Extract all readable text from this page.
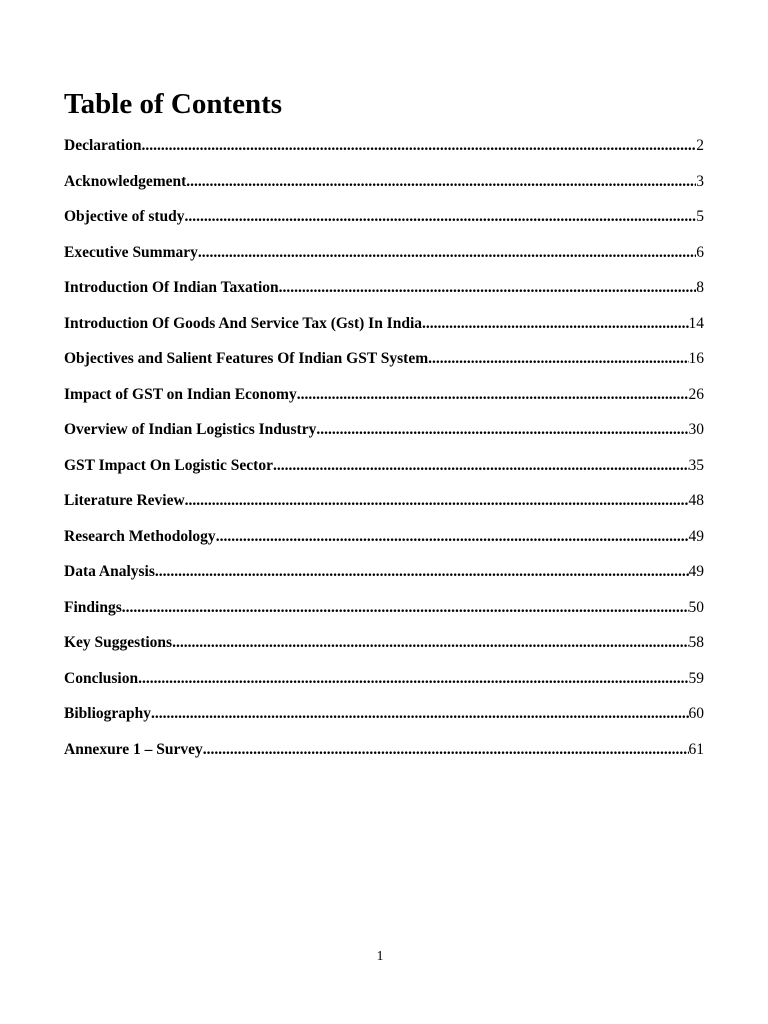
Table of Contents
Declaration .....	2
Acknowledgement .....	3
Objective of study .....	5
Executive Summary .....	6
Introduction Of Indian Taxation .....	8
Introduction Of Goods And Service Tax (Gst) In India .....	14
Objectives and Salient Features Of Indian GST System .....	16
Impact of GST on Indian Economy .....	26
Overview of Indian Logistics Industry .....	30
GST Impact On Logistic Sector .....	35
Literature Review .....	48
Research Methodology .....	49
Data Analysis .....	49
Findings .....	50
Key Suggestions .....	58
Conclusion .....	59
Bibliography .....	60
Annexure 1 – Survey .....	61
1
